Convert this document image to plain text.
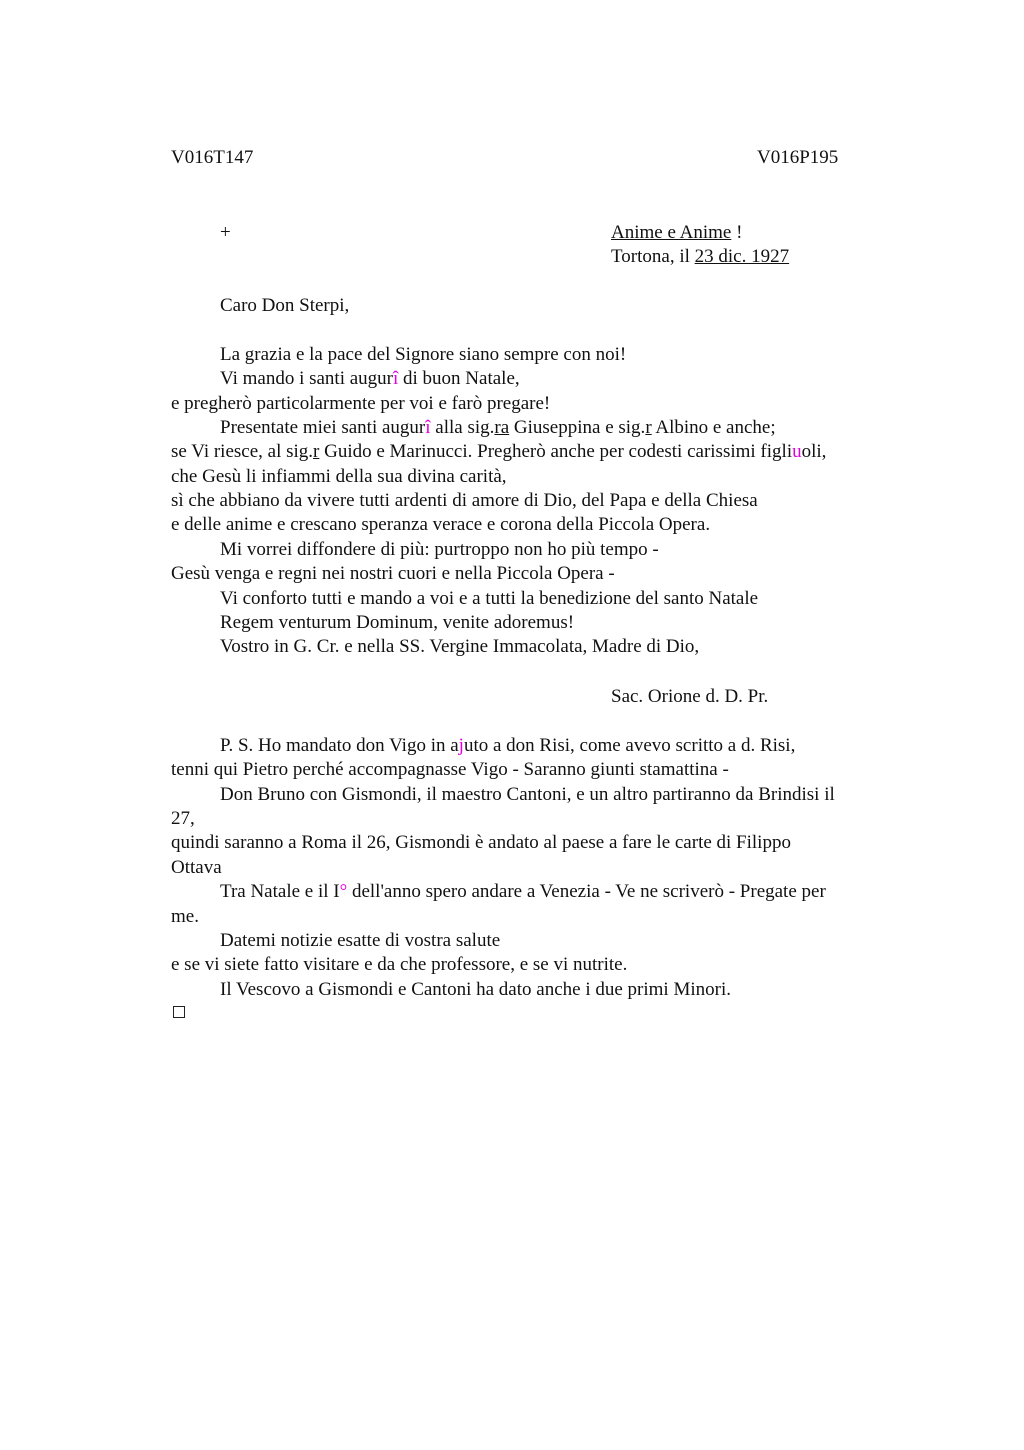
V016T147	V016P195
+	Anime e Anime !
Tortona, il 23 dic. 1927
Caro Don Sterpi,
La grazia e la pace del Signore siano sempre con noi!
Vi mando i santi augurî di buon Natale,
e pregherò particolarmente per voi e farò pregare!
Presentate miei santi augurî alla sig.ra Giuseppina e sig.r Albino e anche;
se Vi riesce, al sig.r Guido e Marinucci. Pregherò anche per codesti carissimi figliuoli,
che Gesù li infiammi della sua divina carità,
sì che abbiano da vivere tutti ardenti di amore di Dio, del Papa e della Chiesa
e delle anime e crescano speranza verace e corona della Piccola Opera.
Mi vorrei diffondere di più: purtroppo non ho più tempo -
Gesù venga e regni nei nostri cuori e nella Piccola Opera -
Vi conforto tutti e mando a voi e a tutti la benedizione del santo Natale
Regem venturum Dominum, venite adoremus!
Vostro in G. Cr. e nella SS. Vergine Immacolata, Madre di Dio,
Sac. Orione d. D. Pr.
P. S. Ho mandato don Vigo in ajuto a don Risi, come avevo scritto a d. Risi,
tenni qui Pietro perché accompagnasse Vigo - Saranno giunti stamattina -
Don Bruno con Gismondi, il maestro Cantoni, e un altro partiranno da Brindisi il
27,
quindi saranno a Roma il 26, Gismondi è andato al paese a fare le carte di Filippo
Ottava
Tra Natale e il I° dell'anno spero andare a Venezia - Ve ne scriverò - Pregate per
me.
Datemi notizie esatte di vostra salute
e se vi siete fatto visitare e da che professore, e se vi nutrite.
Il Vescovo a Gismondi e Cantoni ha dato anche i due primi Minori.
